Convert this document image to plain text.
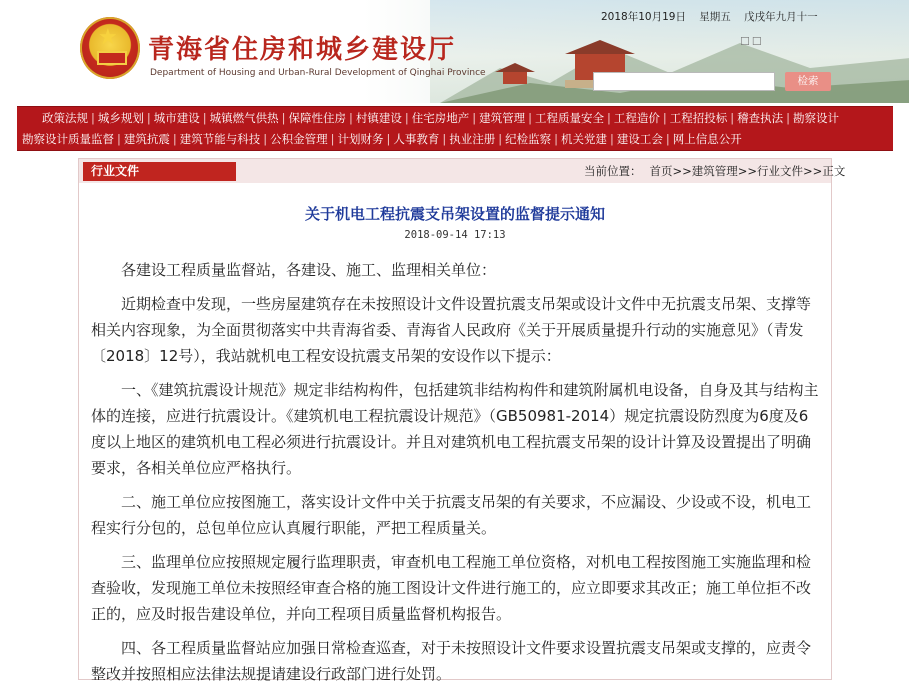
★ 青海省住房和城乡建设厅
Department of Housing and Urban-Rural Development of Qinghai Province
2018年10月19日 星期五 戊戌年九月十一
☐☐
检索
政策法规 | 城乡规划 | 城市建设 | 城镇燃气供热 | 保障性住房 | 村镇建设 | 住宅房地产 | 建筑管理 | 工程质量安全 | 工程造价 | 工程招投标 | 稽查执法 | 勘察设计
勘察设计质量监督 | 建筑抗震 | 建筑节能与科技 | 公积金管理 | 计划财务 | 人事教育 | 执业注册 | 纪检监察 | 机关党建 | 建设工会 | 网上信息公开
行业文件	当前位置： 首页>>建筑管理>>行业文件>>正文
关于机电工程抗震支吊架设置的监督提示通知
2018-09-14 17:13

各建设工程质量监督站，各建设、施工、监理相关单位：

近期检查中发现，一些房屋建筑存在未按照设计文件设置抗震支吊架或设计文件中无抗震支吊架、支撑等相关内容现象，为全面贯彻落实中共青海省委、青海省人民政府《关于开展质量提升行动的实施意见》（青发〔2018〕12号），我站就机电工程安设抗震支吊架的安设作以下提示：

一、《建筑抗震设计规范》规定非结构构件，包括建筑非结构构件和建筑附属机电设备，自身及其与结构主体的连接，应进行抗震设计。《建筑机电工程抗震设计规范》（GB50981-2014）规定抗震设防烈度为6度及6度以上地区的建筑机电工程必须进行抗震设计。并且对建筑机电工程抗震支吊架的设计计算及设置提出了明确要求，各相关单位应严格执行。

二、施工单位应按图施工，落实设计文件中关于抗震支吊架的有关要求，不应漏设、少设或不设，机电工程实行分包的，总包单位应认真履行职能，严把工程质量关。

三、监理单位应按照规定履行监理职责，审查机电工程施工单位资格，对机电工程按图施工实施监理和检查验收，发现施工单位未按照经审查合格的施工图设计文件进行施工的，应立即要求其改正；施工单位拒不改正的，应及时报告建设单位，并向工程项目质量监督机构报告。

四、各工程质量监督站应加强日常检查巡查，对于未按照设计文件要求设置抗震支吊架或支撑的，应责令整改并按照相应法律法规提请建设行政部门进行处罚。
